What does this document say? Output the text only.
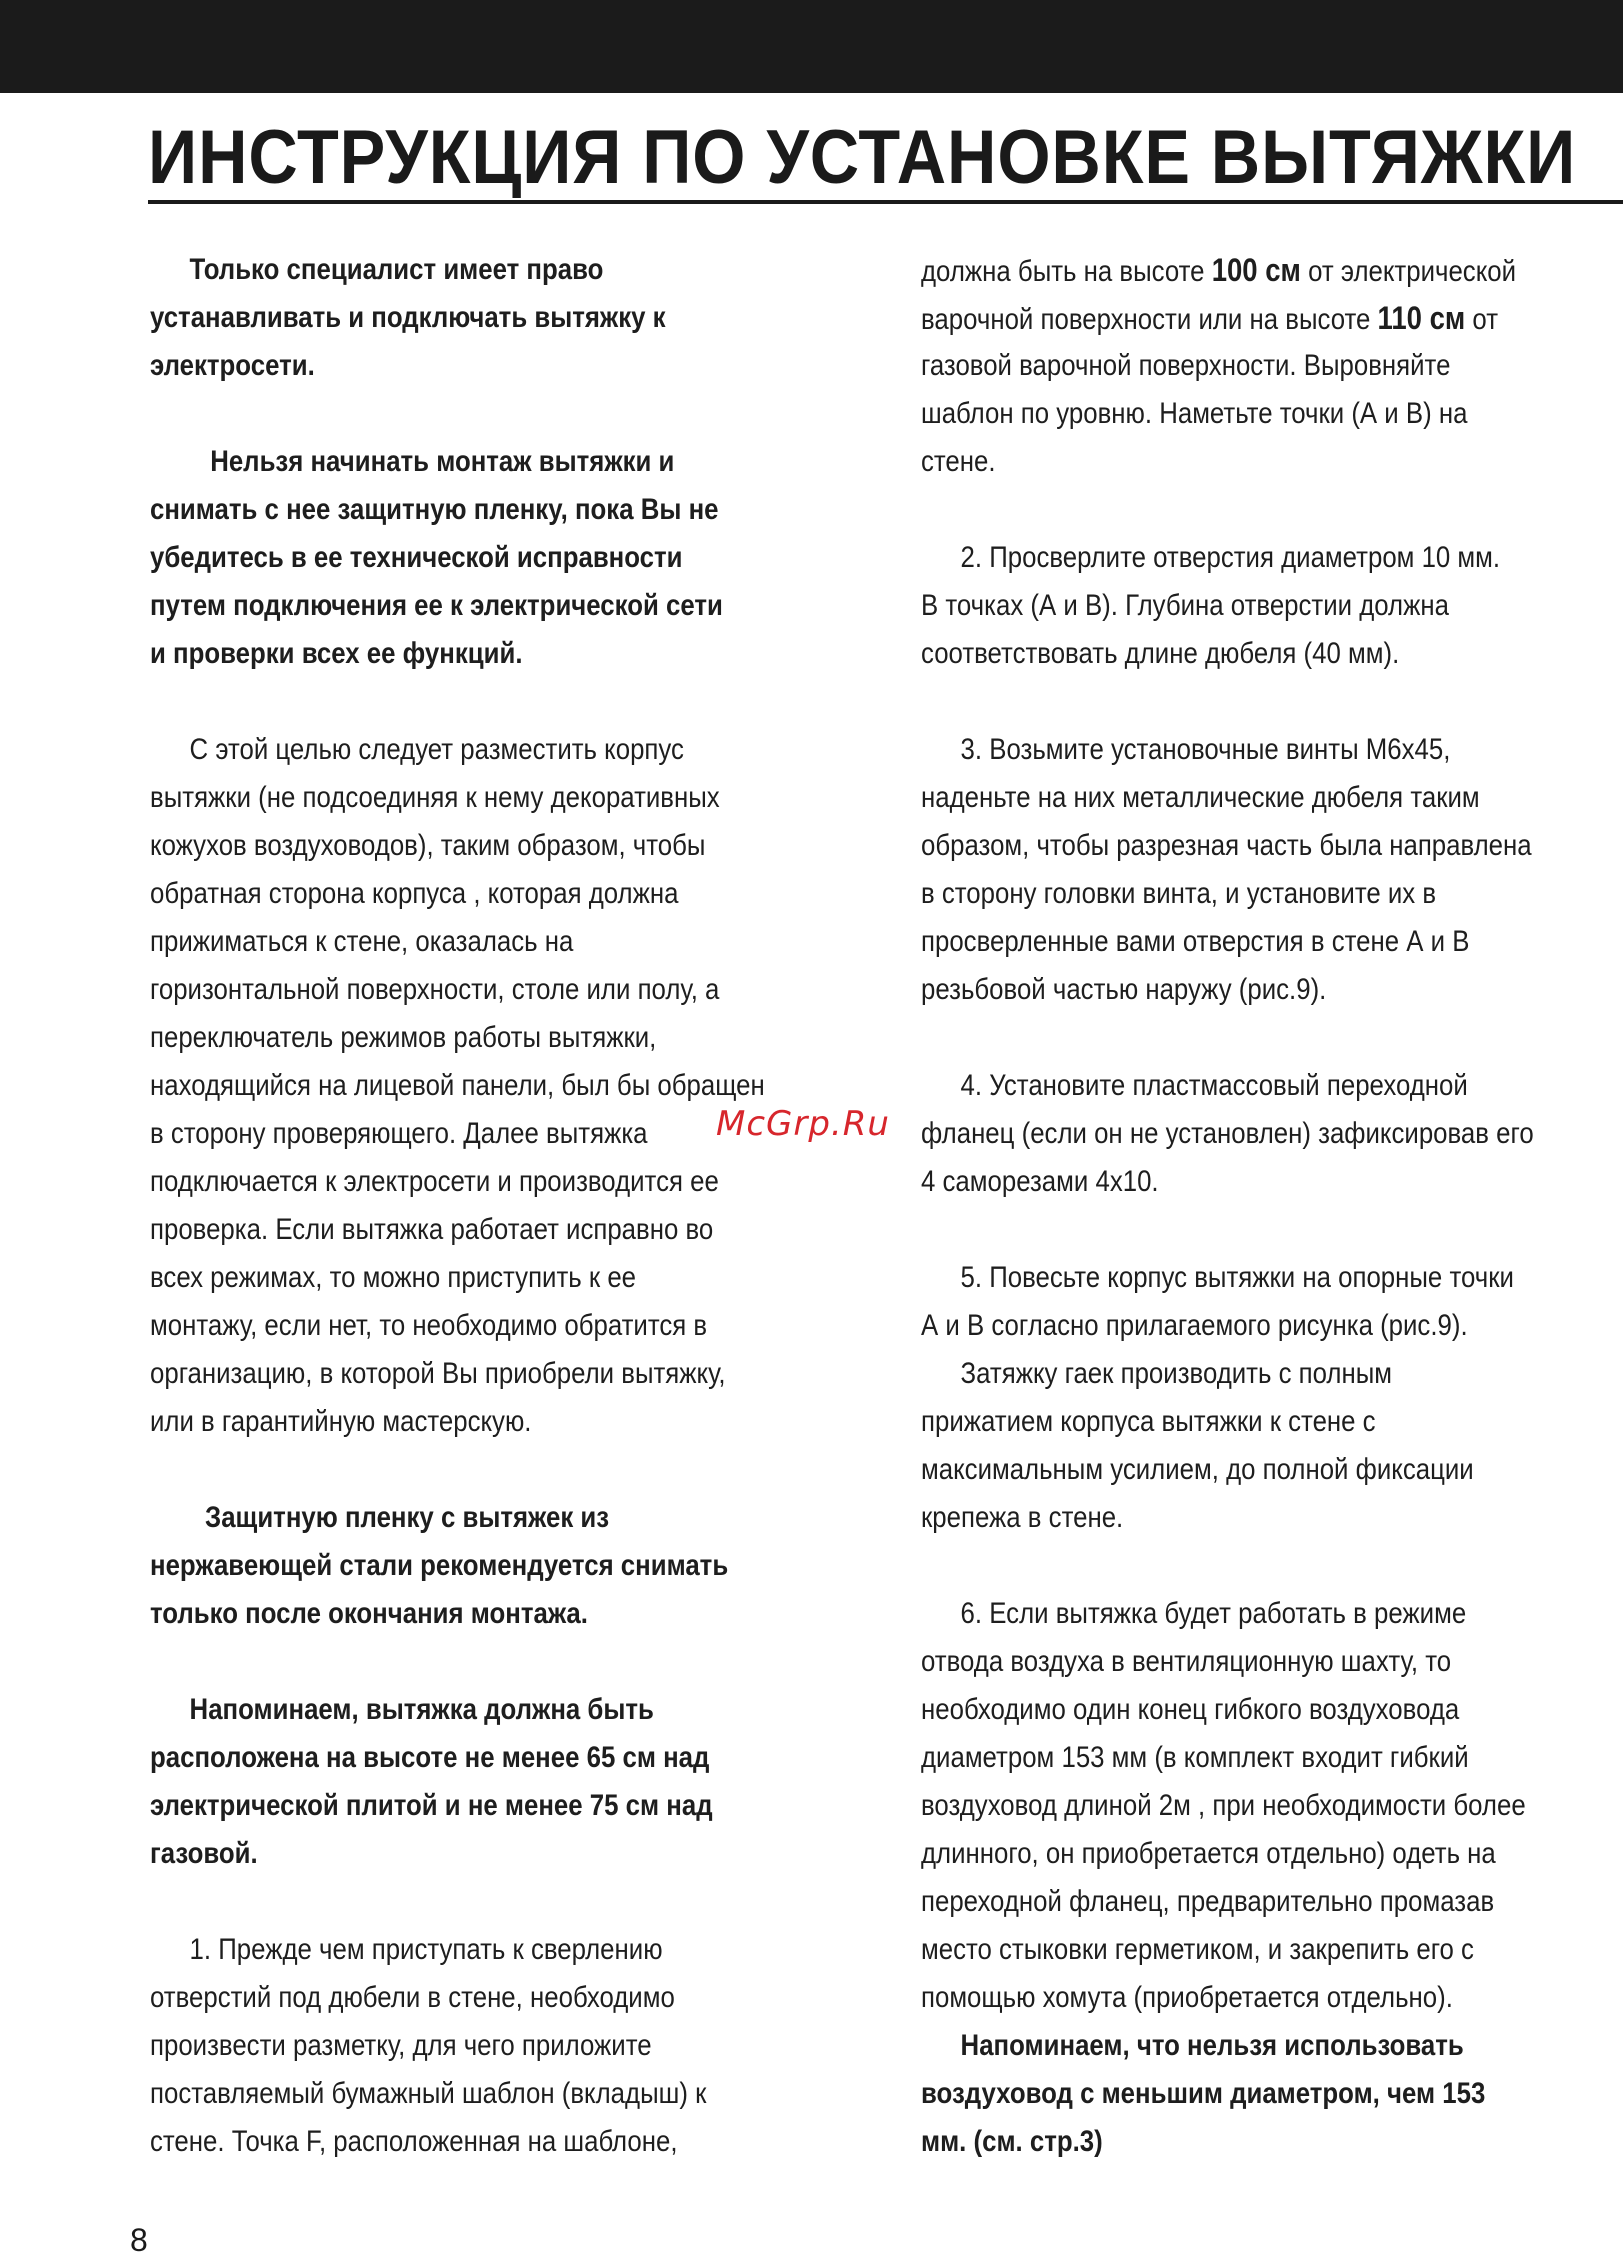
ИНСТРУКЦИЯ ПО УСТАНОВКЕ ВЫТЯЖКИ
Только специалист имеет право
устанавливать и подключать вытяжку к
электросети.
Нельзя начинать монтаж вытяжки и
снимать с нее защитную пленку, пока Вы не
убедитесь в ее технической исправности
путем подключения ее к электрической сети
и проверки всех ее функций.
С этой целью следует разместить корпус
вытяжки (не подсоединяя к нему декоративных
кожухов воздуховодов), таким образом, чтобы
обратная сторона корпуса , которая должна
прижиматься к стене, оказалась на
горизонтальной поверхности, столе или полу, а
переключатель режимов работы вытяжки,
находящийся на лицевой панели, был бы обращен
в сторону проверяющего. Далее вытяжка
подключается к электросети и производится ее
проверка. Если вытяжка работает исправно во
всех режимах, то можно приступить к ее
монтажу, если нет, то необходимо обратится в
организацию, в которой Вы приобрели вытяжку,
или в гарантийную мастерскую.
Защитную пленку с вытяжек из
нержавеющей стали рекомендуется снимать
только после окончания монтажа.
Напоминаем, вытяжка должна быть
расположена на высоте не менее 65 см над
электрической плитой и не менее 75 см над
газовой.
1. Прежде чем приступать к сверлению
отверстий под дюбели в стене, необходимо
произвести разметку, для чего приложите
поставляемый бумажный шаблон (вкладыш) к
стене. Точка F, расположенная на шаблоне,
должна быть на высоте 100 см от электрической
варочной поверхности или на высоте 110 см от
газовой варочной поверхности. Выровняйте
шаблон по уровню. Наметьте точки (А и В) на
стене.
2. Просверлите отверстия диаметром 10 мм.
В точках (А и В). Глубина отверстии должна
соответствовать длине дюбеля (40 мм).
3. Возьмите установочные винты М6х45,
наденьте на них металлические дюбеля таким
образом, чтобы разрезная часть была направлена
в сторону головки винта, и установите их в
просверленные вами отверстия в стене А и В
резьбовой частью наружу (рис.9).
4. Установите пластмассовый переходной
фланец (если он не установлен) зафиксировав его
4 саморезами 4х10.
5. Повесьте корпус вытяжки на опорные точки
А и В согласно прилагаемого рисунка (рис.9).
Затяжку гаек производить с полным
прижатием корпуса вытяжки к стене с
максимальным усилием, до полной фиксации
крепежа в стене.
6. Если вытяжка будет работать в режиме
отвода воздуха в вентиляционную шахту, то
необходимо один конец гибкого воздуховода
диаметром 153 мм (в комплект входит гибкий
воздуховод длиной 2м , при необходимости более
длинного, он приобретается отдельно) одеть на
переходной фланец, предварительно промазав
место стыковки герметиком, и закрепить его с
помощью хомута (приобретается отдельно).
Напоминаем, что нельзя использовать
воздуховод с меньшим диаметром, чем 153
мм. (см. стр.3)
McGrp.Ru
8
